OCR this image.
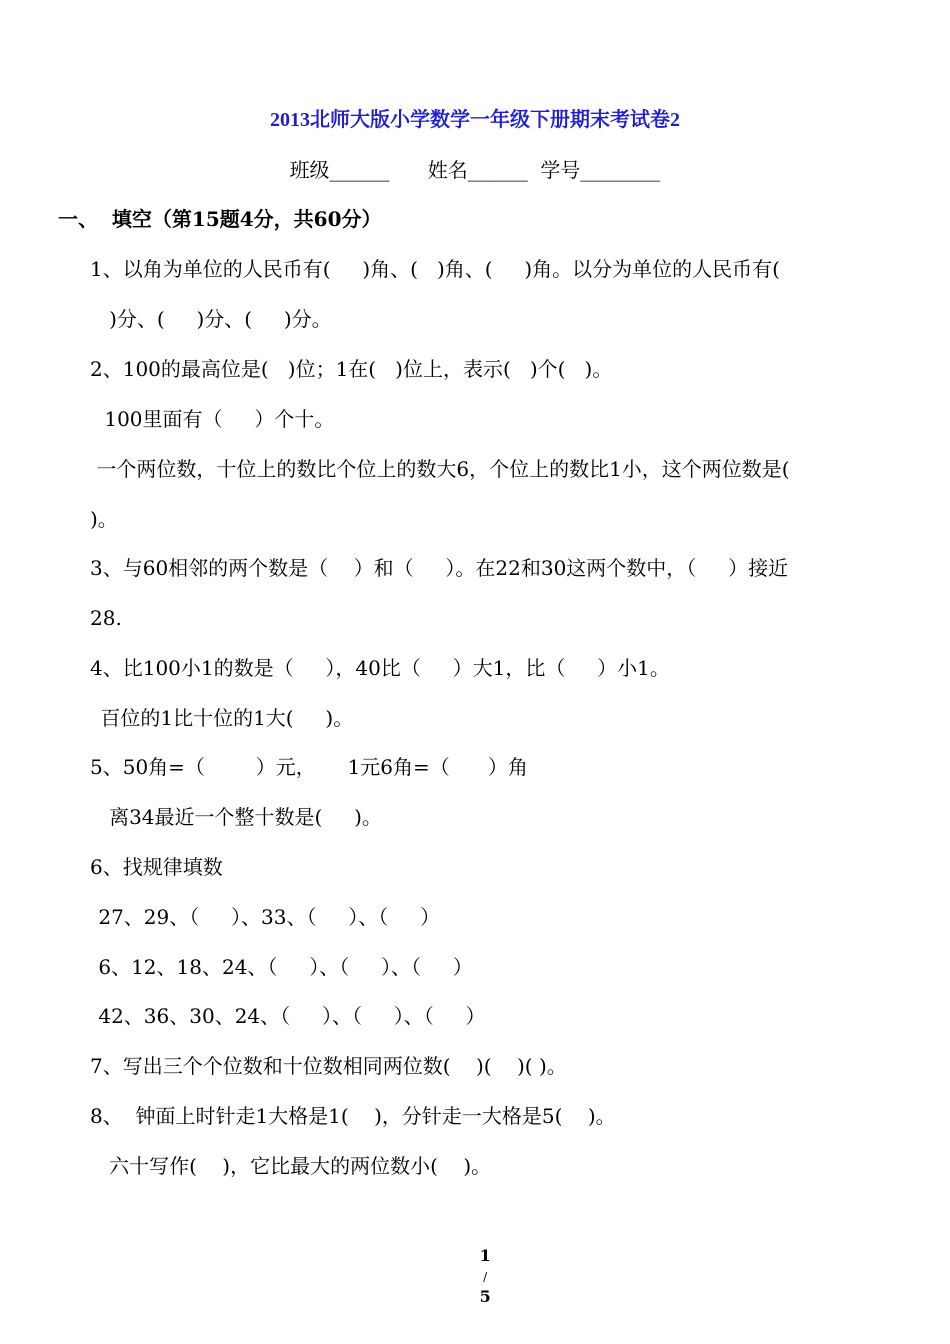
2013北师大版小学数学一年级下册期末考试卷2
班级______      姓名______  学号________
一、  填空（第15题4分，共60分）
1、以角为单位的人民币有(     )角、(   )角、(     )角。以分为单位的人民币有(
)分、(     )分、(     )分。
2、100的最高位是(   )位；1在(   )位上，表示(   )个(   )。
100里面有（     ）个十。
一个两位数，十位上的数比个位上的数大6，个位上的数比1小，这个两位数是(
)。
3、与60相邻的两个数是（    ）和（     ）。在22和30这两个数中，（     ）接近
28.
4、比100小1的数是（     ），40比（     ）大1，比（     ）小1。
百位的1比十位的1大(     )。
5、50角=（        ）元，     1元6角=（      ）角
离34最近一个整十数是(     )。
6、找规律填数
27、29、（     ）、33、（     ）、（     ）
6、12、18、24、（     ）、（     ）、（     ）
42、36、30、24、（     ）、（     ）、（     ）
7、写出三个个位数和十位数相同两位数(    )(    )( )。
8、  钟面上时针走1大格是1(    )，分针走一大格是5(    )。
六十写作(    )，它比最大的两位数小(    )。

1
/
5
